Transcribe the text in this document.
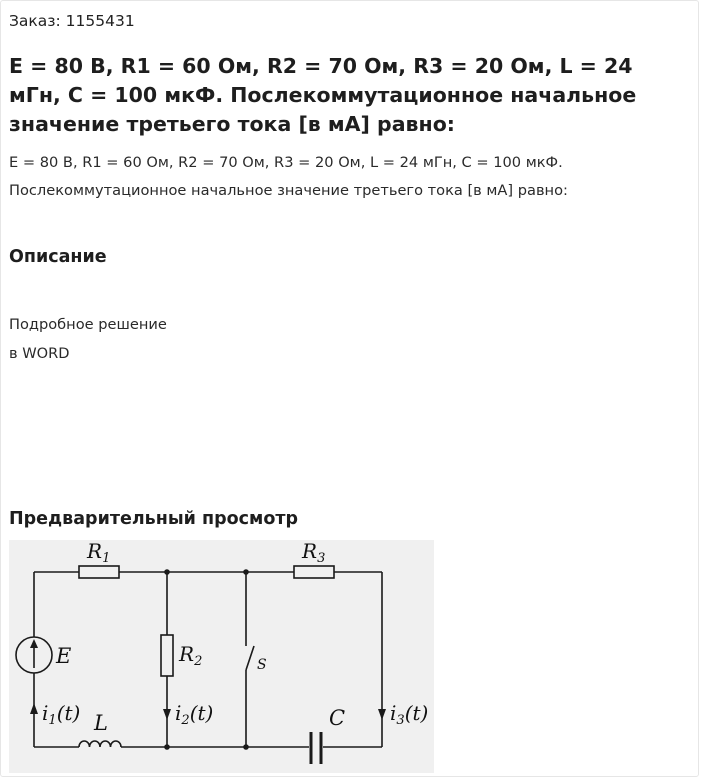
Заказ: 1155431
E = 80 В, R1 = 60 Ом, R2 = 70 Ом, R3 = 20 Ом, L = 24 мГн, C = 100 мкФ. Послекоммутационное начальное значение третьего тока [в мА] равно:

E = 80 В, R1 = 60 Ом, R2 = 70 Ом, R3 = 20 Ом, L = 24 мГн, C = 100 мкФ. Послекоммутационное начальное значение третьего тока [в мА] равно:

Описание
Подробное решение
в WORD
Предварительный просмотр
$R_1$	$R_3$
$R_2$
E	S
L	C
$i_1(t)$	$i_2(t)$	$i_3(t)$
